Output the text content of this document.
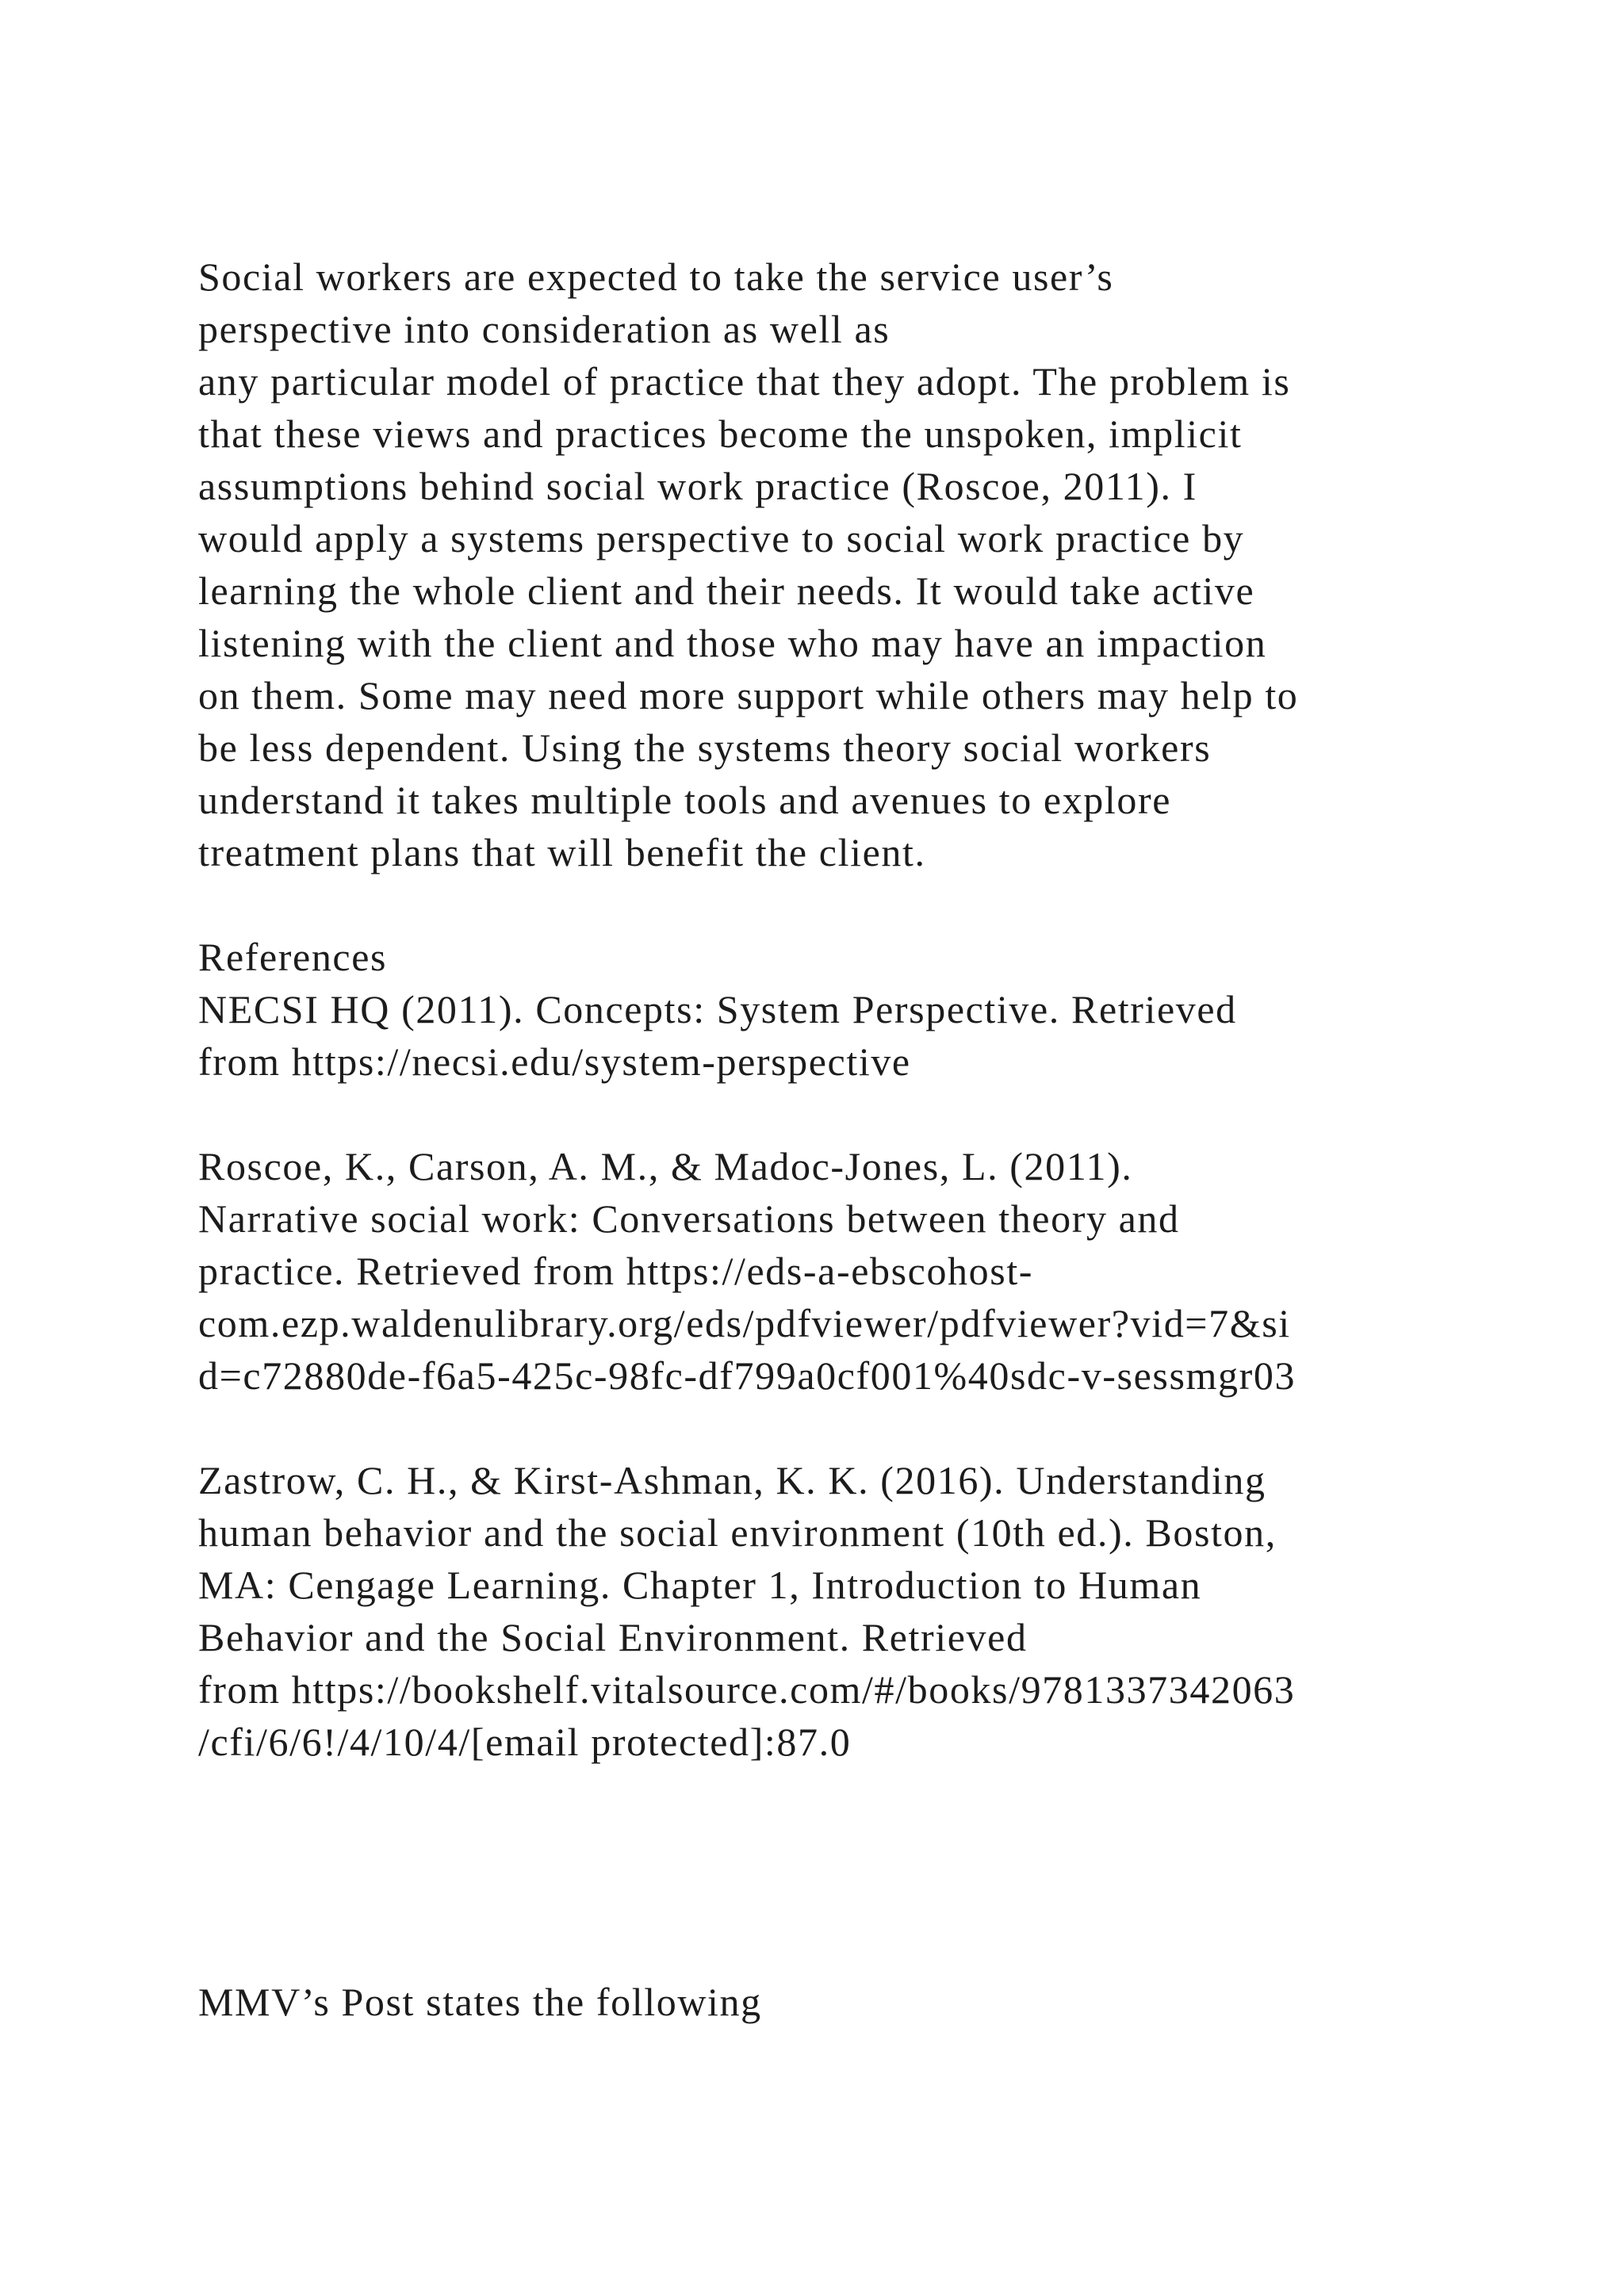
Social workers are expected to take the service user’s
perspective into consideration as well as
any particular model of practice that they adopt. The problem is
that these views and practices become the unspoken, implicit
assumptions behind social work practice (Roscoe, 2011). I
would apply a systems perspective to social work practice by
learning the whole client and their needs. It would take active
listening with the client and those who may have an impaction
on them. Some may need more support while others may help to
be less dependent. Using the systems theory social workers
understand it takes multiple tools and avenues to explore
treatment plans that will benefit the client.
References
NECSI HQ (2011). Concepts: System Perspective. Retrieved
from https://necsi.edu/system-perspective
Roscoe, K., Carson, A. M., & Madoc-Jones, L. (2011).
Narrative social work: Conversations between theory and
practice. Retrieved from https://eds-a-ebscohost-
com.ezp.waldenulibrary.org/eds/pdfviewer/pdfviewer?vid=7&si
d=c72880de-f6a5-425c-98fc-df799a0cf001%40sdc-v-sessmgr03
Zastrow, C. H., & Kirst-Ashman, K. K. (2016). Understanding
human behavior and the social environment (10th ed.). Boston,
MA: Cengage Learning. Chapter 1, Introduction to Human
Behavior and the Social Environment. Retrieved
from https://bookshelf.vitalsource.com/#/books/9781337342063
/cfi/6/6!/4/10/4/[email protected]:87.0
MMV’s Post states the following
